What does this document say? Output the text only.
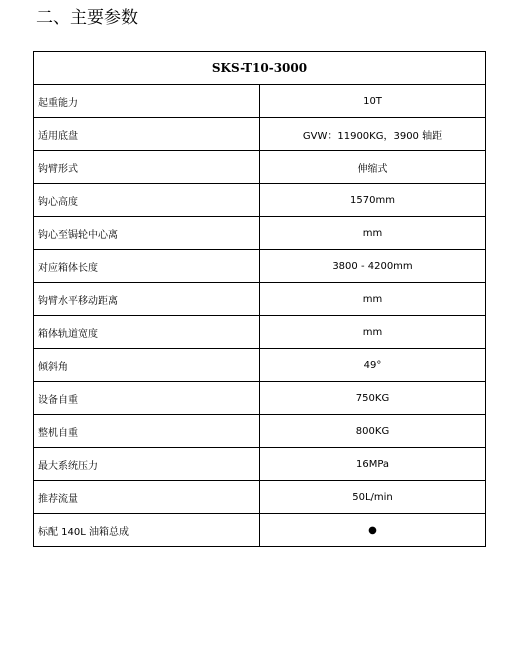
二、主要参数
SKS-T10-3000	
起重能力	10T
适用底盘	GVW：11900KG，3900 轴距
钩臂形式	伸缩式
钩心高度	1570mm
钩心至锔轮中心离	mm
对应箱体长度	3800 - 4200mm
钩臂水平移动距离	mm
箱体轨道宽度	mm
倾斜角	49°
设备自重	750KG
整机自重	800KG
最大系统压力	16MPa
推荐流量	50L/min
标配 140L 油箱总成	●
